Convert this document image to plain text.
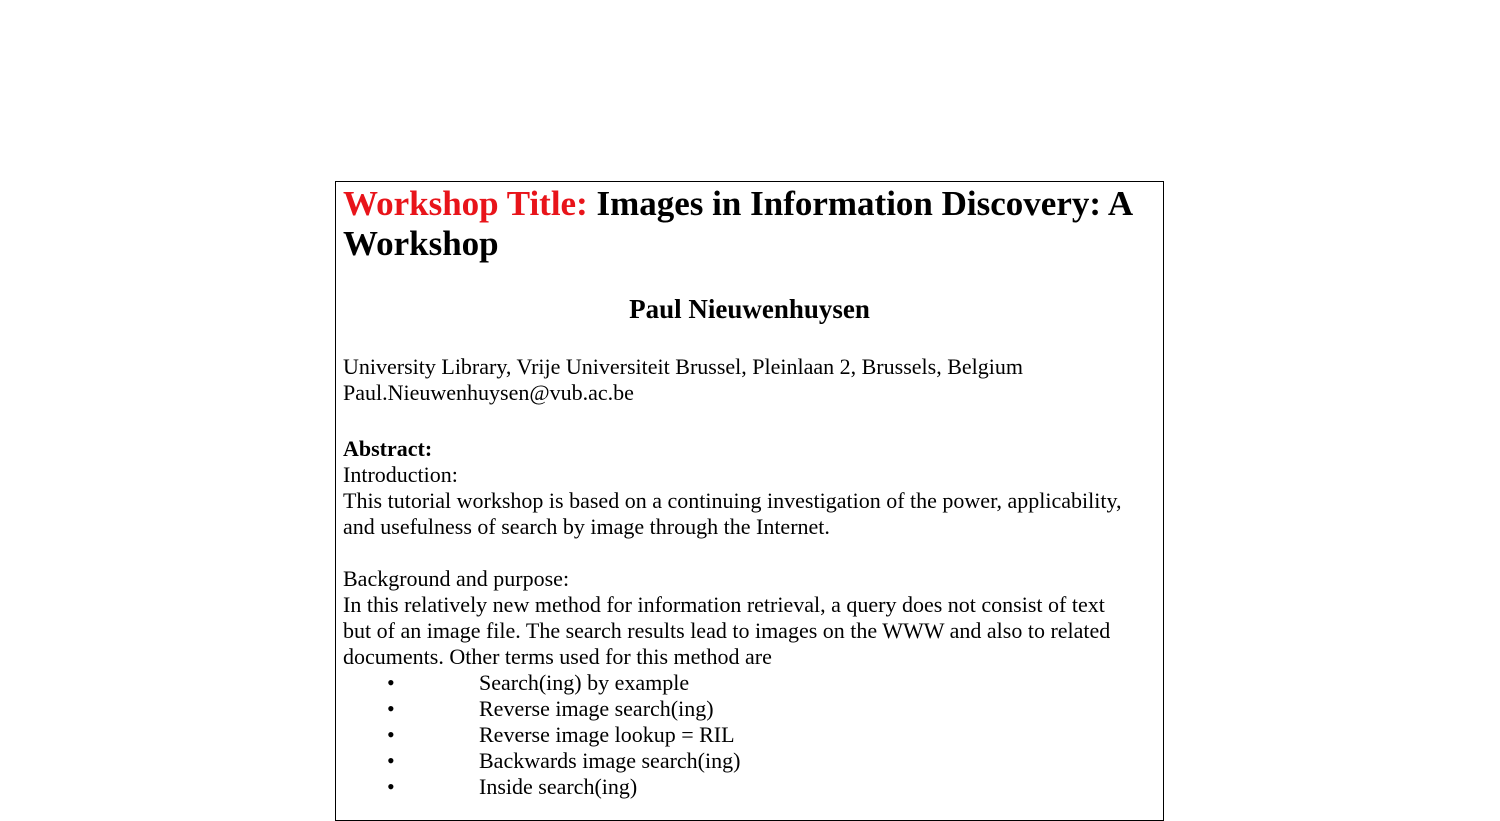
Workshop Title: Images in Information Discovery: A
Workshop

Paul Nieuwenhuysen

University Library, Vrije Universiteit Brussel, Pleinlaan 2, Brussels, Belgium

Paul.Nieuwenhuysen@vub.ac.be

Abstract:

Introduction:

This tutorial workshop is based on a continuing investigation of the power, applicability,

and usefulness of search by image through the Internet.

Background and purpose:

In this relatively new method for information retrieval, a query does not consist of text

but of an image file. The search results lead to images on the WWW and also to related

documents. Other terms used for this method are

•	Search(ing) by example
•	Reverse image search(ing)
•	Reverse image lookup = RIL
•	Backwards image search(ing)
•	Inside search(ing)
